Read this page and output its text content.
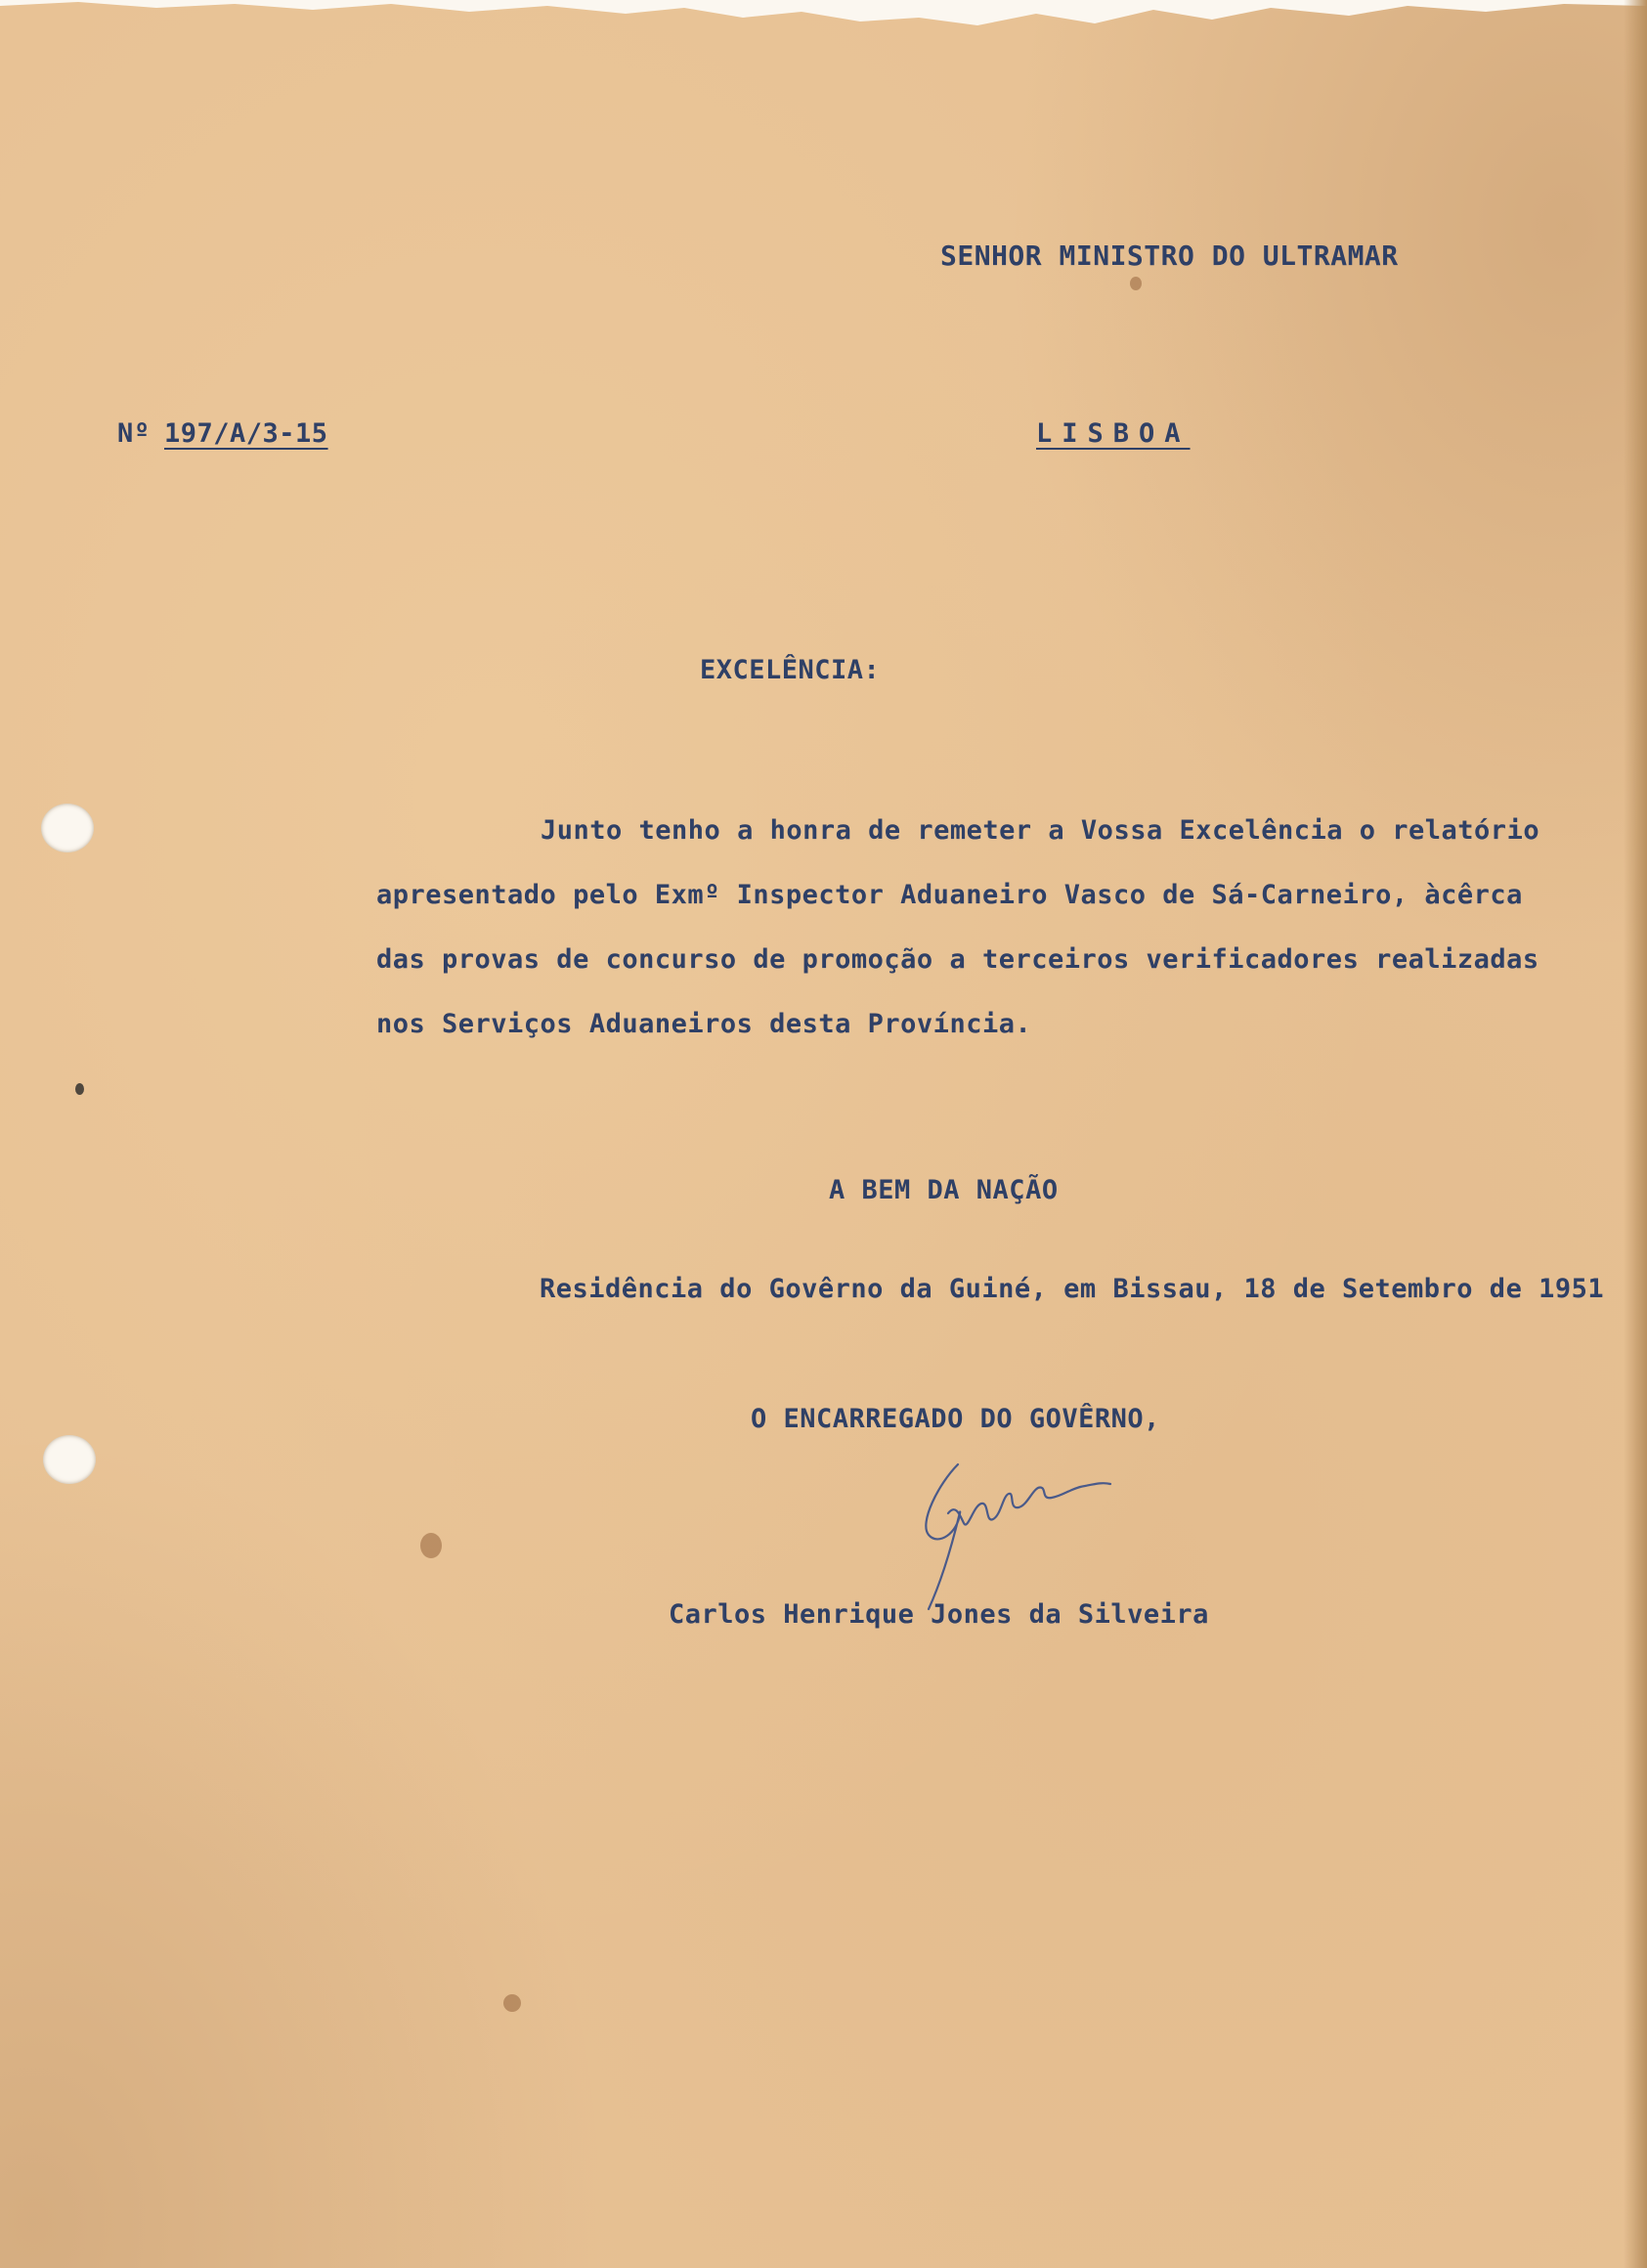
SENHOR MINISTRO DO ULTRAMAR
Nº 197/A/3-15	LISBOA
EXCELÊNCIA:
Junto tenho a honra de remeter a Vossa Excelência o relatório
apresentado pelo Exmº Inspector Aduaneiro Vasco de Sá-Carneiro, àcêrca
das provas de concurso de promoção a terceiros verificadores realizadas
nos Serviços Aduaneiros desta Província.
A BEM DA NAÇÃO
Residência do Govêrno da Guiné, em Bissau, 18 de Setembro de 1951
O ENCARREGADO DO GOVÊRNO,
Carlos Henrique Jones da Silveira
